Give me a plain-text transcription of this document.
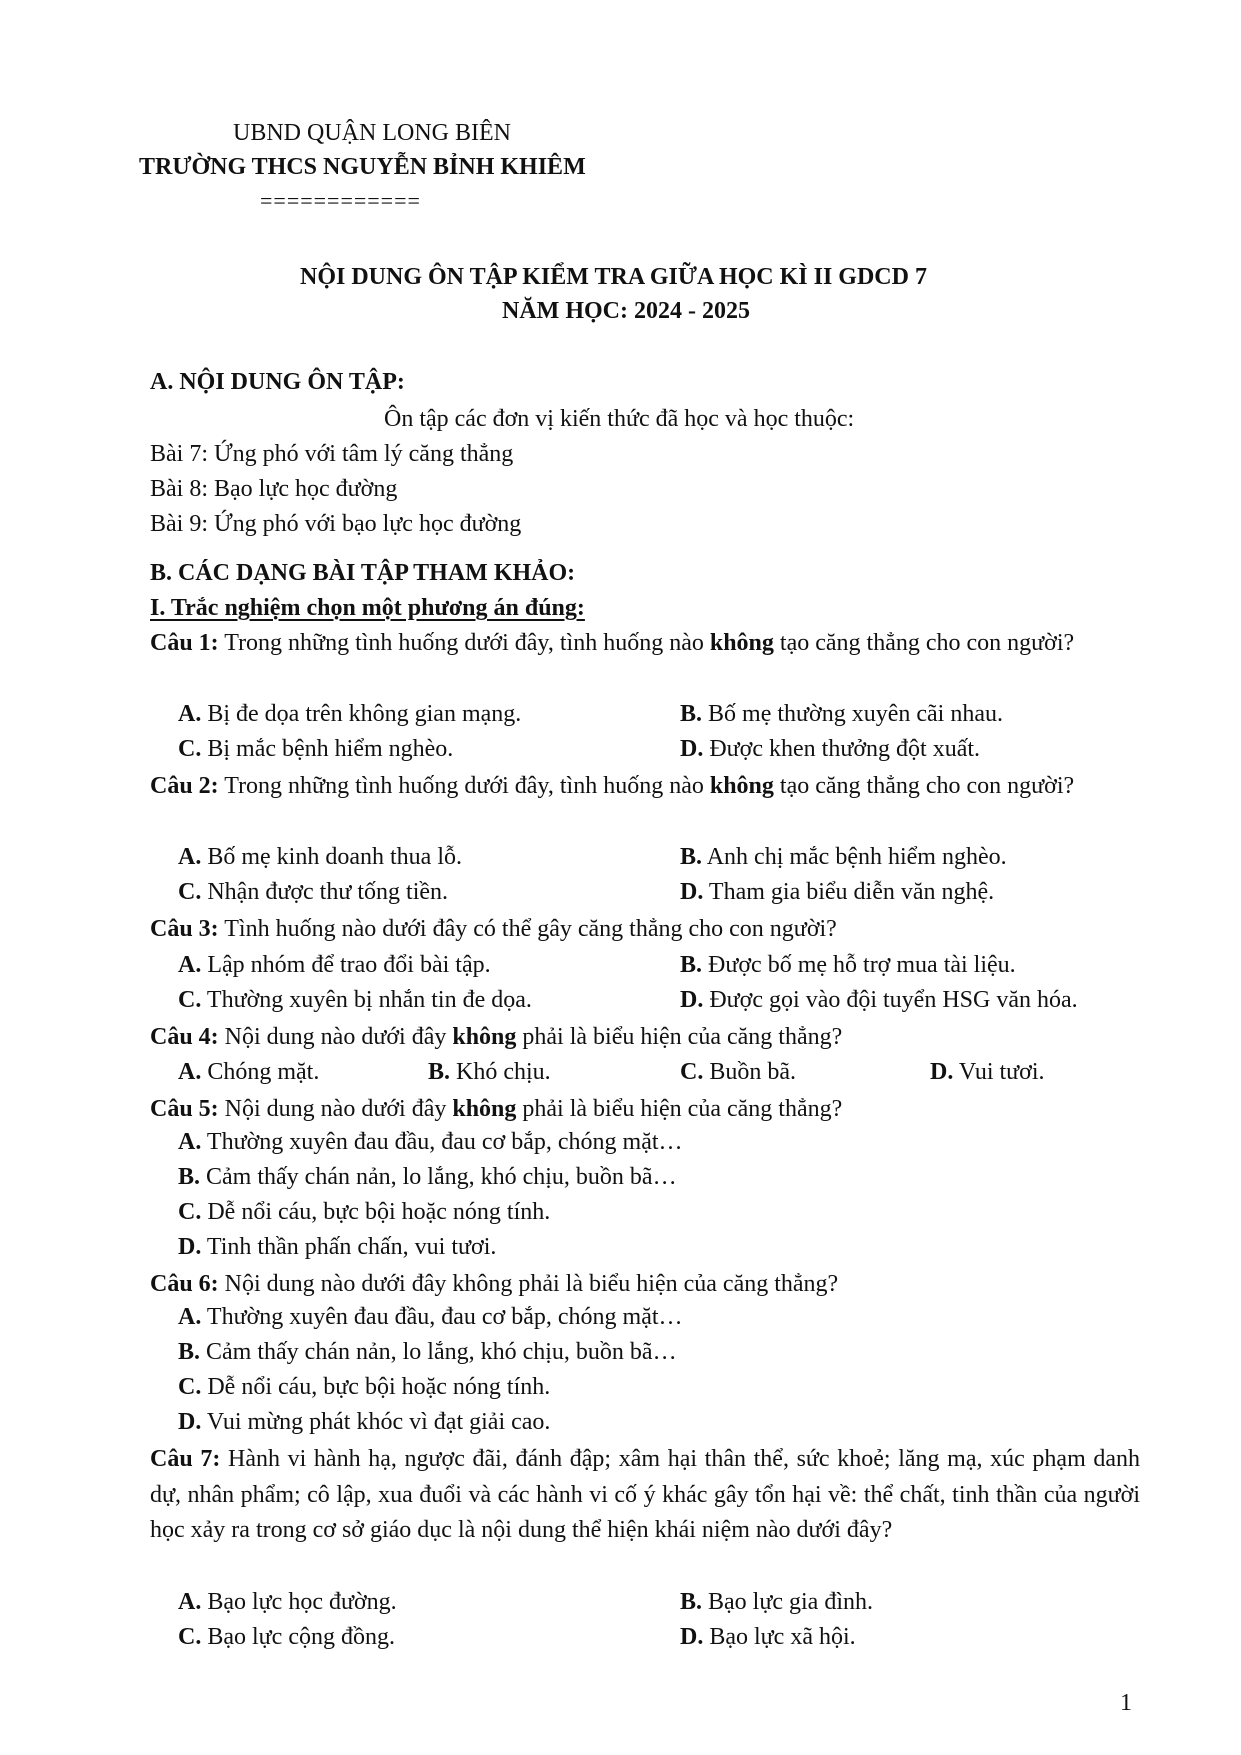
UBND QUẬN LONG BIÊN
TRƯỜNG THCS NGUYỄN BỈNH KHIÊM
============
NỘI DUNG ÔN TẬP KIỂM TRA GIỮA HỌC KÌ II GDCD 7
NĂM HỌC: 2024 - 2025
A. NỘI DUNG ÔN TẬP:
Ôn tập các đơn vị kiến thức đã học và học thuộc:
Bài 7: Ứng phó với tâm lý căng thẳng
Bài 8: Bạo lực học đường
Bài 9: Ứng phó với bạo lực học đường
B. CÁC DẠNG BÀI TẬP THAM KHẢO:
I. Trắc nghiệm chọn một phương án đúng:
Câu 1: Trong những tình huống dưới đây, tình huống nào không tạo căng thẳng cho con người?
A. Bị đe dọa trên không gian mạng.	B. Bố mẹ thường xuyên cãi nhau.
C. Bị mắc bệnh hiểm nghèo.	D. Được khen thưởng đột xuất.
Câu 2: Trong những tình huống dưới đây, tình huống nào không tạo căng thẳng cho con người?
A. Bố mẹ kinh doanh thua lỗ.	B. Anh chị mắc bệnh hiểm nghèo.
C. Nhận được thư tống tiền.	D. Tham gia biểu diễn văn nghệ.
Câu 3: Tình huống nào dưới đây có thể gây căng thẳng cho con người?
A. Lập nhóm để trao đổi bài tập.	B. Được bố mẹ hỗ trợ mua tài liệu.
C. Thường xuyên bị nhắn tin đe dọa.	D. Được gọi vào đội tuyển HSG văn hóa.
Câu 4: Nội dung nào dưới đây không phải là biểu hiện của căng thẳng?
A. Chóng mặt.	B. Khó chịu.	C. Buồn bã.	D. Vui tươi.
Câu 5: Nội dung nào dưới đây không phải là biểu hiện của căng thẳng?
A. Thường xuyên đau đầu, đau cơ bắp, chóng mặt…
B. Cảm thấy chán nản, lo lắng, khó chịu, buồn bã…
C. Dễ nổi cáu, bực bội hoặc nóng tính.
D. Tinh thần phấn chấn, vui tươi.
Câu 6: Nội dung nào dưới đây không phải là biểu hiện của căng thẳng?
A. Thường xuyên đau đầu, đau cơ bắp, chóng mặt…
B. Cảm thấy chán nản, lo lắng, khó chịu, buồn bã…
C. Dễ nổi cáu, bực bội hoặc nóng tính.
D. Vui mừng phát khóc vì đạt giải cao.
Câu 7: Hành vi hành hạ, ngược đãi, đánh đập; xâm hại thân thể, sức khoẻ; lăng mạ, xúc phạm danh dự, nhân phẩm; cô lập, xua đuổi và các hành vi cố ý khác gây tổn hại về: thể chất, tinh thần của người học xảy ra trong cơ sở giáo dục là nội dung thể hiện khái niệm nào dưới đây?
A. Bạo lực học đường.	B. Bạo lực gia đình.
C. Bạo lực cộng đồng.	D. Bạo lực xã hội.
1
